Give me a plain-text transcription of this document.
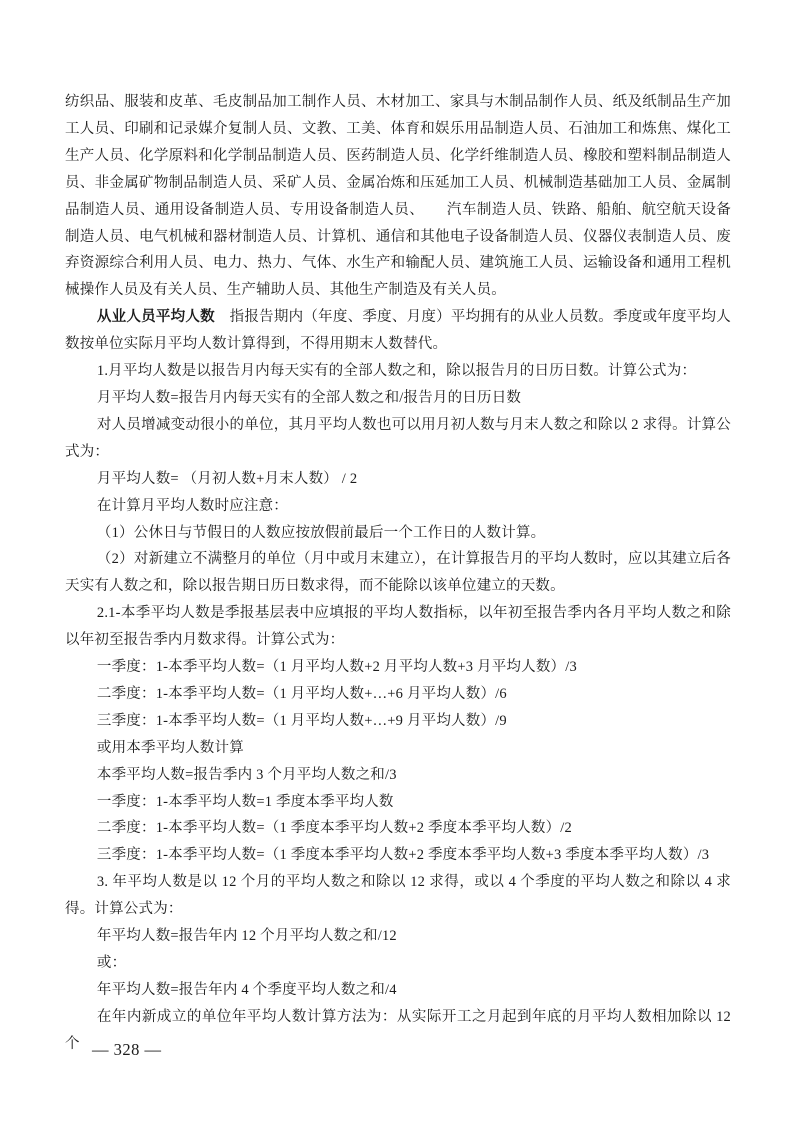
纺织品、服装和皮革、毛皮制品加工制作人员、木材加工、家具与木制品制作人员、纸及纸制品生产加工人员、印刷和记录媒介复制人员、文教、工美、体育和娱乐用品制造人员、石油加工和炼焦、煤化工生产人员、化学原料和化学制品制造人员、医药制造人员、化学纤维制造人员、橡胶和塑料制品制造人员、非金属矿物制品制造人员、采矿人员、金属冶炼和压延加工人员、机械制造基础加工人员、金属制品制造人员、通用设备制造人员、专用设备制造人员、　　汽车制造人员、铁路、船舶、航空航天设备制造人员、电气机械和器材制造人员、计算机、通信和其他电子设备制造人员、仪器仪表制造人员、废弃资源综合利用人员、电力、热力、气体、水生产和输配人员、建筑施工人员、运输设备和通用工程机械操作人员及有关人员、生产辅助人员、其他生产制造及有关人员。

从业人员平均人数　指报告期内（年度、季度、月度）平均拥有的从业人员数。季度或年度平均人数按单位实际月平均人数计算得到，不得用期末人数替代。

1.月平均人数是以报告月内每天实有的全部人数之和，除以报告月的日历日数。计算公式为：

月平均人数=报告月内每天实有的全部人数之和/报告月的日历日数

对人员增减变动很小的单位，其月平均人数也可以用月初人数与月末人数之和除以 2 求得。计算公式为：

月平均人数= （月初人数+月末人数） / 2

在计算月平均人数时应注意：

（1）公休日与节假日的人数应按放假前最后一个工作日的人数计算。

（2）对新建立不满整月的单位（月中或月末建立），在计算报告月的平均人数时，应以其建立后各天实有人数之和，除以报告期日历日数求得，而不能除以该单位建立的天数。

2.1-本季平均人数是季报基层表中应填报的平均人数指标，以年初至报告季内各月平均人数之和除以年初至报告季内月数求得。计算公式为：

一季度：1-本季平均人数=（1 月平均人数+2 月平均人数+3 月平均人数）/3

二季度：1-本季平均人数=（1 月平均人数+…+6 月平均人数）/6

三季度：1-本季平均人数=（1 月平均人数+…+9 月平均人数）/9

或用本季平均人数计算

本季平均人数=报告季内 3 个月平均人数之和/3

一季度：1-本季平均人数=1 季度本季平均人数

二季度：1-本季平均人数=（1 季度本季平均人数+2 季度本季平均人数）/2

三季度：1-本季平均人数=（1 季度本季平均人数+2 季度本季平均人数+3 季度本季平均人数）/3

3. 年平均人数是以 12 个月的平均人数之和除以 12 求得，或以 4 个季度的平均人数之和除以 4 求得。计算公式为：

年平均人数=报告年内 12 个月平均人数之和/12

或：

年平均人数=报告年内 4 个季度平均人数之和/4

在年内新成立的单位年平均人数计算方法为：从实际开工之月起到年底的月平均人数相加除以 12 个 — 328 —
